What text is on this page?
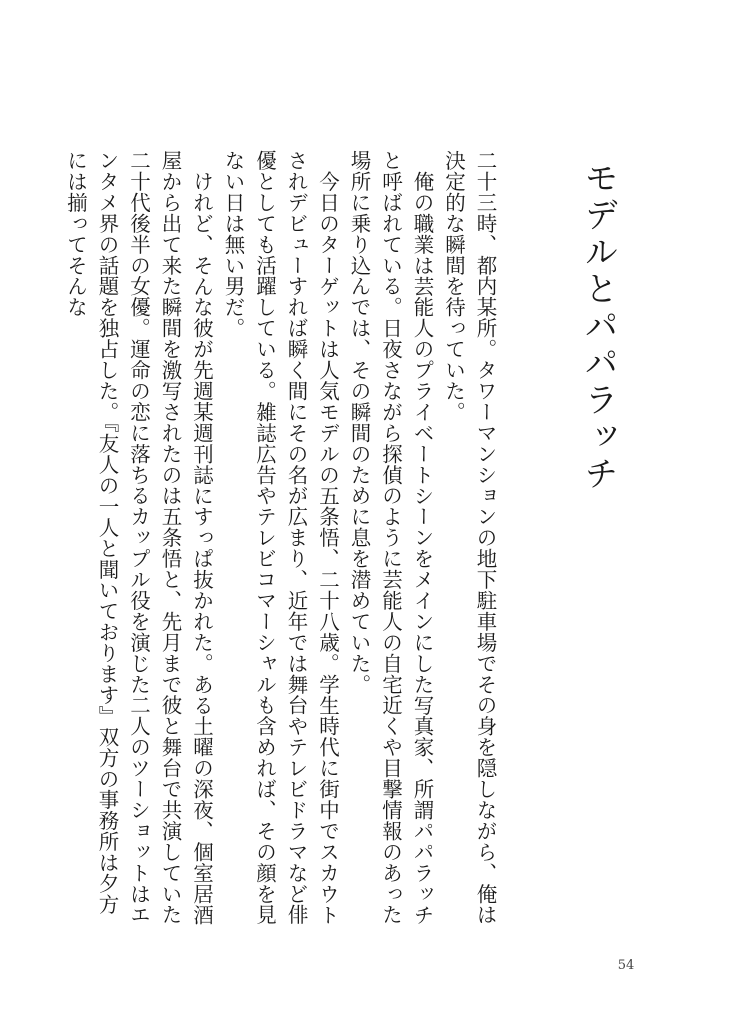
モデルとパパラッチ

二十三時、都内某所。タワーマンションの地下駐車場でその身を隠しながら、俺は決定的な瞬間を待っていた。

俺の職業は芸能人のプライベートシーンをメインにした写真家、所謂パパラッチと呼ばれている。日夜さながら探偵のように芸能人の自宅近くや目撃情報のあった場所に乗り込んでは、その瞬間のために息を潜めていた。

今日のターゲットは人気モデルの五条悟、二十八歳。学生時代に街中でスカウトされデビューすれば瞬く間にその名が広まり、近年では舞台やテレビドラマなど俳優としても活躍している。雑誌広告やテレビコマーシャルも含めれば、その顔を見ない日は無い男だ。

けれど、そんな彼が先週某週刊誌にすっぱ抜かれた。ある土曜の深夜、個室居酒屋から出て来た瞬間を激写されたのは五条悟と、先月まで彼と舞台で共演していた二十代後半の女優。運命の恋に落ちるカップル役を演じた二人のツーショットはエンタメ界の話題を独占した。『友人の一人と聞いております』双方の事務所は夕方には揃ってそんな

54
